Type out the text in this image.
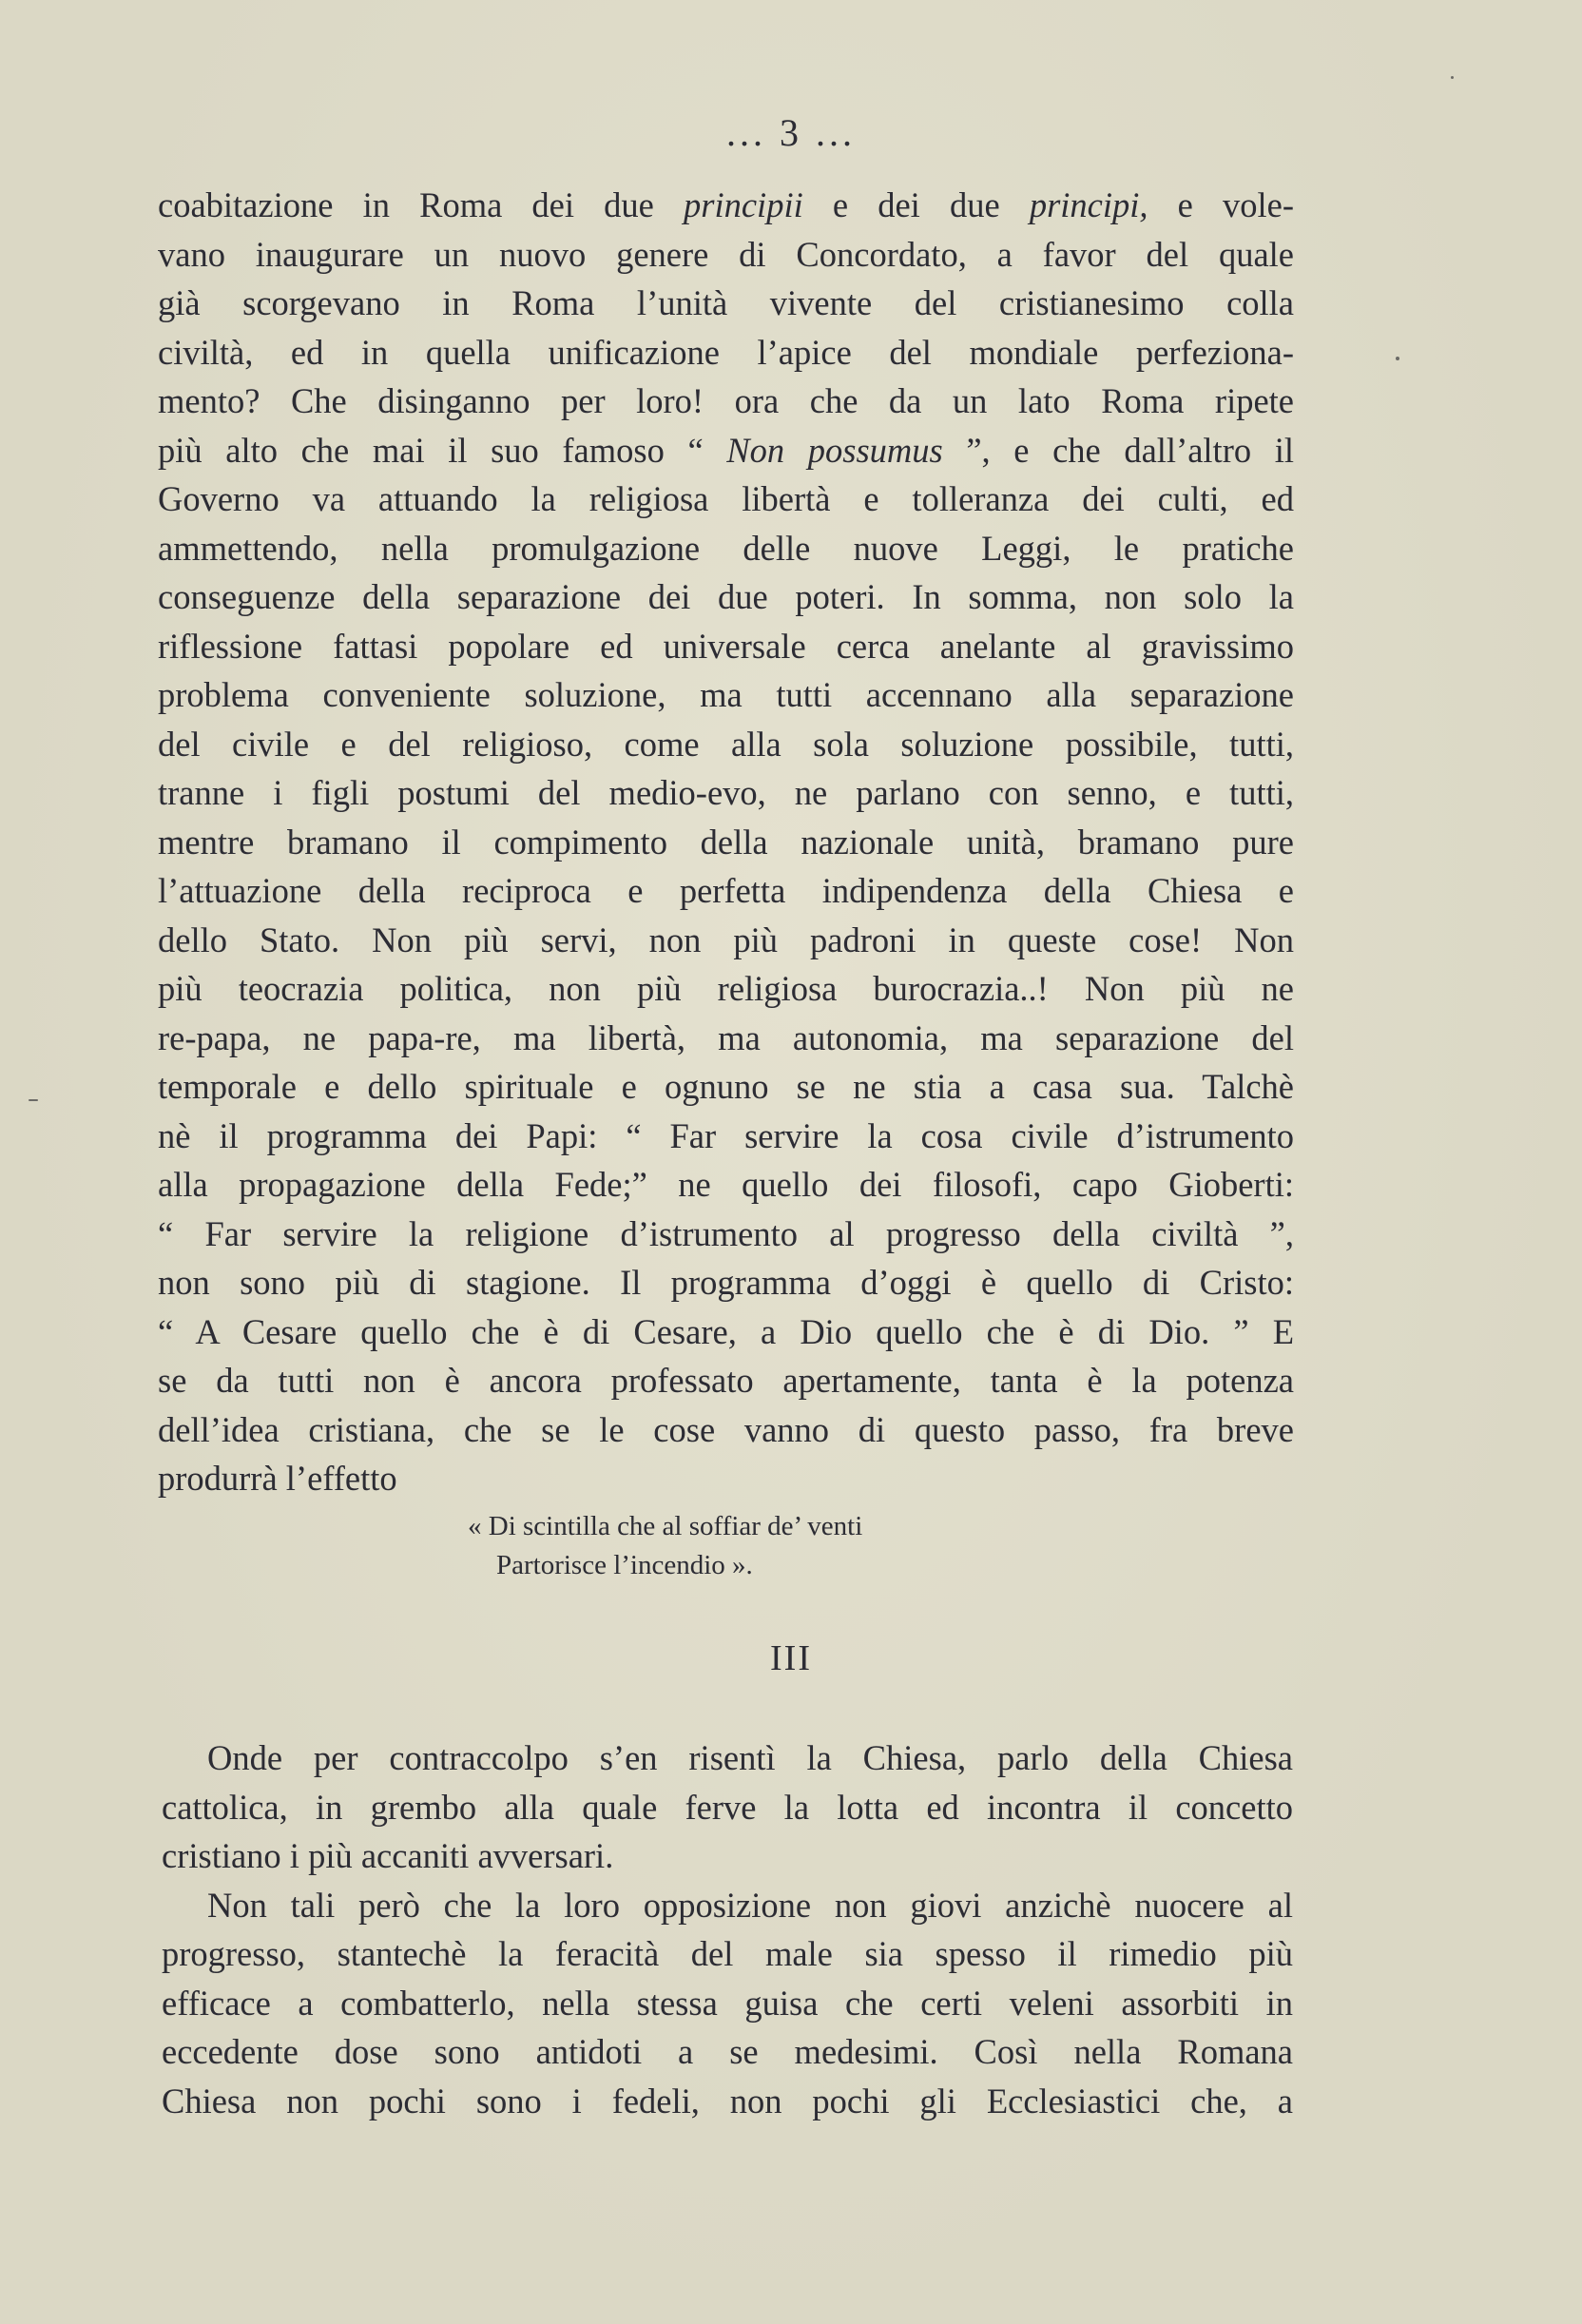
... 3 ...
coabitazione in Roma dei due principii e dei due principi, e vole-
vano inaugurare un nuovo genere di Concordato, a favor del quale
già scorgevano in Roma l’unità vivente del cristianesimo colla
civiltà, ed in quella unificazione l’apice del mondiale perfeziona-
mento? Che disinganno per loro! ora che da un lato Roma ripete
più alto che mai il suo famoso “ Non possumus ”, e che dall’altro il
Governo va attuando la religiosa libertà e tolleranza dei culti, ed
ammettendo, nella promulgazione delle nuove Leggi, le pratiche
conseguenze della separazione dei due poteri. In somma, non solo la
riflessione fattasi popolare ed universale cerca anelante al gravissimo
problema conveniente soluzione, ma tutti accennano alla separazione
del civile e del religioso, come alla sola soluzione possibile, tutti,
tranne i figli postumi del medio-evo, ne parlano con senno, e tutti,
mentre bramano il compimento della nazionale unità, bramano pure
l’attuazione della reciproca e perfetta indipendenza della Chiesa e
dello Stato. Non più servi, non più padroni in queste cose! Non
più teocrazia politica, non più religiosa burocrazia..! Non più ne
re-papa, ne papa-re, ma libertà, ma autonomia, ma separazione del
temporale e dello spirituale e ognuno se ne stia a casa sua. Talchè
nè il programma dei Papi: “ Far servire la cosa civile d’istrumento
alla propagazione della Fede;” ne quello dei filosofi, capo Gioberti:
“ Far servire la religione d’istrumento al progresso della civiltà ”,
non sono più di stagione. Il programma d’oggi è quello di Cristo:
“ A Cesare quello che è di Cesare, a Dio quello che è di Dio. ” E
se da tutti non è ancora professato apertamente, tanta è la potenza
dell’idea cristiana, che se le cose vanno di questo passo, fra breve
produrrà l’effetto
« Di scintilla che al soffiar de’ venti
Partorisce l’incendio ».
III
Onde per contraccolpo s’en risentì la Chiesa, parlo della Chiesa
cattolica, in grembo alla quale ferve la lotta ed incontra il concetto
cristiano i più accaniti avversari.
Non tali però che la loro opposizione non giovi anzichè nuocere al
progresso, stantechè la feracità del male sia spesso il rimedio più
efficace a combatterlo, nella stessa guisa che certi veleni assorbiti in
eccedente dose sono antidoti a se medesimi. Così nella Romana
Chiesa non pochi sono i fedeli, non pochi gli Ecclesiastici che, a
